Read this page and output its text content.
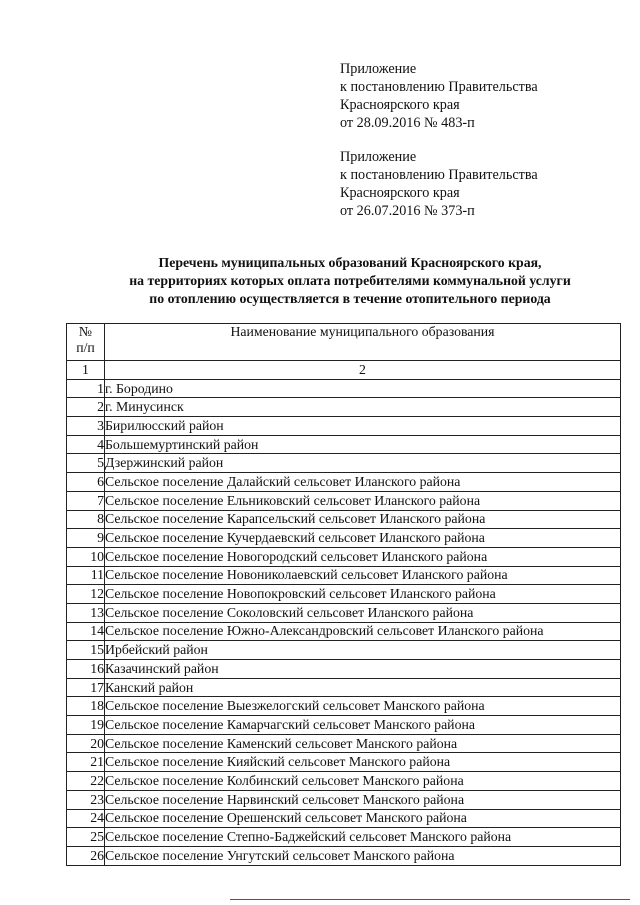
Приложение
к постановлению Правительства
Красноярского края
от 28.09.2016 № 483-п
Приложение
к постановлению Правительства
Красноярского края
от 26.07.2016 № 373-п
Перечень муниципальных образований Красноярского края,
на территориях которых оплата потребителями коммунальной услуги
по отоплению осуществляется в течение отопительного периода
№
п/п	Наименование муниципального образования
1	2
1	г. Бородино
2	г. Минусинск
3	Бирилюсский район
4	Большемуртинский район
5	Дзержинский район
6	Сельское поселение Далайский сельсовет Иланского района
7	Сельское поселение Ельниковский сельсовет Иланского района
8	Сельское поселение Карапсельский сельсовет Иланского района
9	Сельское поселение Кучердаевский сельсовет Иланского района
10	Сельское поселение Новогородский сельсовет Иланского района
11	Сельское поселение Новониколаевский сельсовет Иланского района
12	Сельское поселение Новопокровский сельсовет Иланского района
13	Сельское поселение Соколовский сельсовет Иланского района
14	Сельское поселение Южно-Александровский сельсовет Иланского района
15	Ирбейский район
16	Казачинский район
17	Канский район
18	Сельское поселение Выезжелогский сельсовет Манского района
19	Сельское поселение Камарчагский сельсовет Манского района
20	Сельское поселение Каменский сельсовет Манского района
21	Сельское поселение Кияйский сельсовет Манского района
22	Сельское поселение Колбинский сельсовет Манского района
23	Сельское поселение Нарвинский сельсовет Манского района
24	Сельское поселение Орешенский сельсовет Манского района
25	Сельское поселение Степно-Баджейский сельсовет Манского района
26	Сельское поселение Унгутский сельсовет Манского района
